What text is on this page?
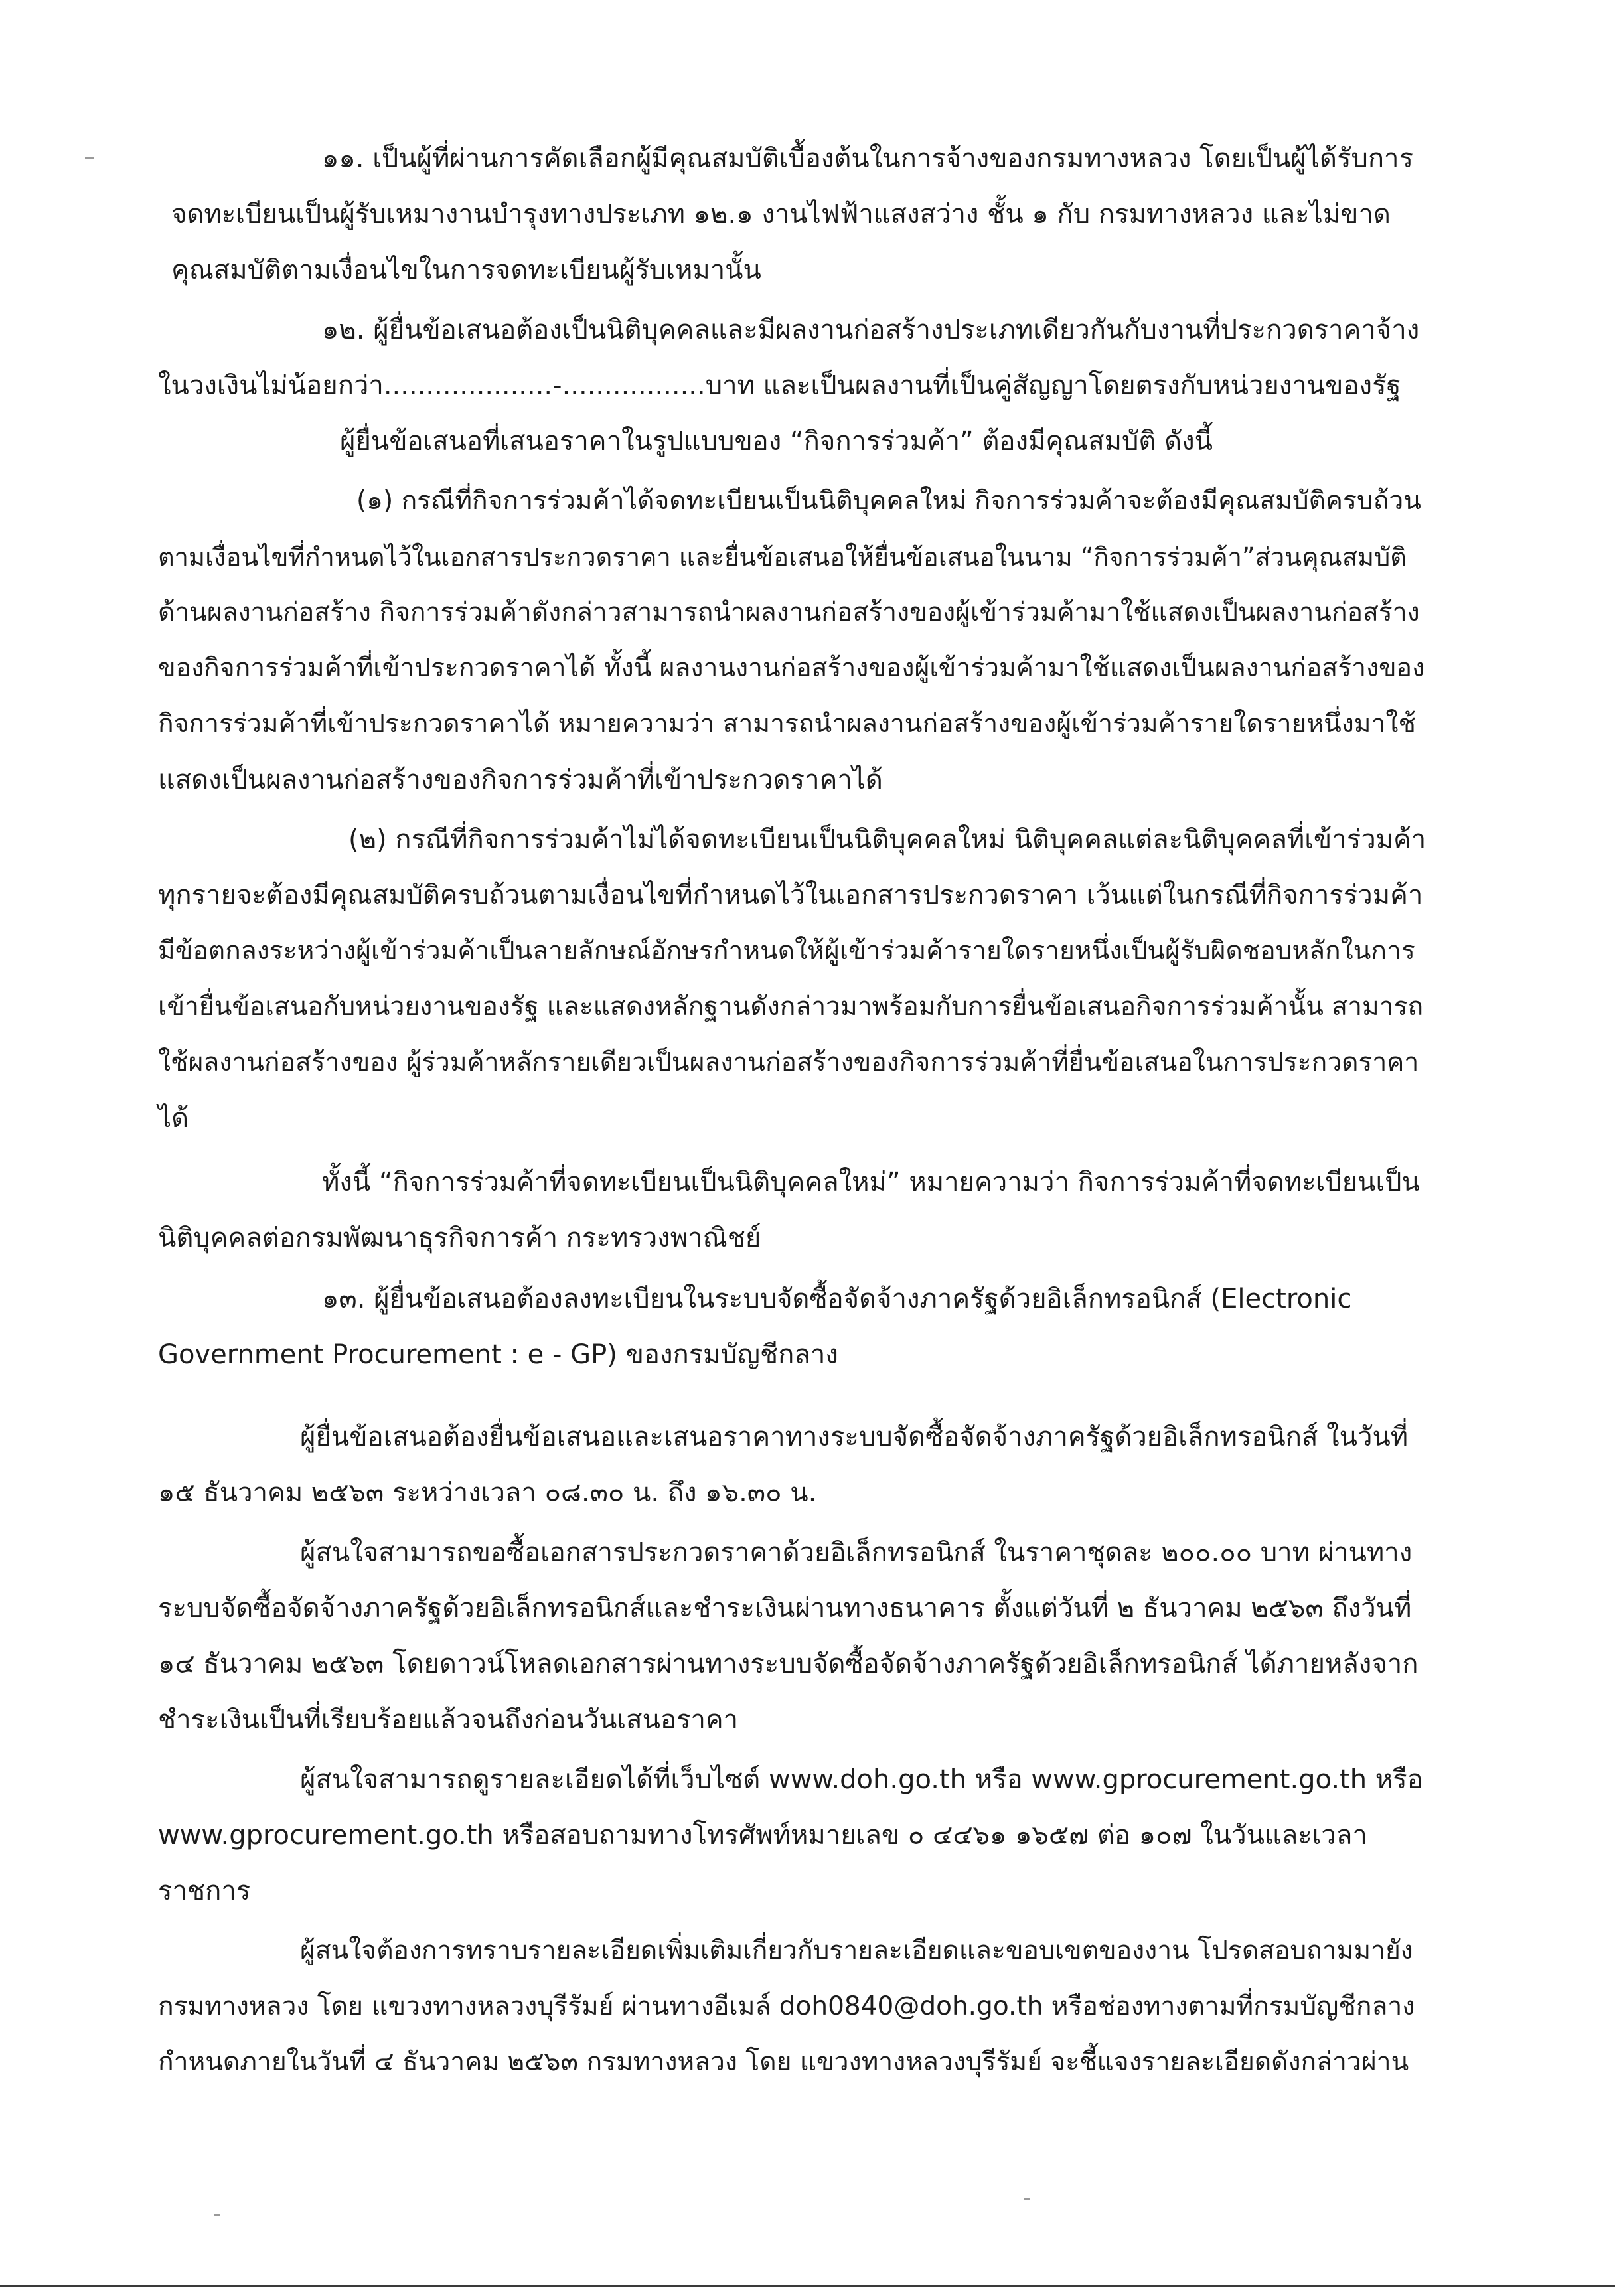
๑๑. เป็นผู้ที่ผ่านการคัดเลือกผู้มีคุณสมบัติเบื้องต้นในการจ้างของกรมทางหลวง โดยเป็นผู้ได้รับการ
จดทะเบียนเป็นผู้รับเหมางานบำรุงทางประเภท ๑๒.๑ งานไฟฟ้าแสงสว่าง ชั้น ๑ กับ กรมทางหลวง และไม่ขาด
คุณสมบัติตามเงื่อนไขในการจดทะเบียนผู้รับเหมานั้น
๑๒. ผู้ยื่นข้อเสนอต้องเป็นนิติบุคคลและมีผลงานก่อสร้างประเภทเดียวกันกับงานที่ประกวดราคาจ้าง
ในวงเงินไม่น้อยกว่า....................-.................บาท และเป็นผลงานที่เป็นคู่สัญญาโดยตรงกับหน่วยงานของรัฐ
ผู้ยื่นข้อเสนอที่เสนอราคาในรูปแบบของ “กิจการร่วมค้า” ต้องมีคุณสมบัติ ดังนี้
(๑) กรณีที่กิจการร่วมค้าได้จดทะเบียนเป็นนิติบุคคลใหม่ กิจการร่วมค้าจะต้องมีคุณสมบัติครบถ้วน
ตามเงื่อนไขที่กำหนดไว้ในเอกสารประกวดราคา และยื่นข้อเสนอให้ยื่นข้อเสนอในนาม “กิจการร่วมค้า”ส่วนคุณสมบัติ
ด้านผลงานก่อสร้าง กิจการร่วมค้าดังกล่าวสามารถนำผลงานก่อสร้างของผู้เข้าร่วมค้ามาใช้แสดงเป็นผลงานก่อสร้าง
ของกิจการร่วมค้าที่เข้าประกวดราคาได้ ทั้งนี้ ผลงานงานก่อสร้างของผู้เข้าร่วมค้ามาใช้แสดงเป็นผลงานก่อสร้างของ
กิจการร่วมค้าที่เข้าประกวดราคาได้ หมายความว่า สามารถนำผลงานก่อสร้างของผู้เข้าร่วมค้ารายใดรายหนึ่งมาใช้
แสดงเป็นผลงานก่อสร้างของกิจการร่วมค้าที่เข้าประกวดราคาได้
(๒) กรณีที่กิจการร่วมค้าไม่ได้จดทะเบียนเป็นนิติบุคคลใหม่ นิติบุคคลแต่ละนิติบุคคลที่เข้าร่วมค้า
ทุกรายจะต้องมีคุณสมบัติครบถ้วนตามเงื่อนไขที่กำหนดไว้ในเอกสารประกวดราคา เว้นแต่ในกรณีที่กิจการร่วมค้า
มีข้อตกลงระหว่างผู้เข้าร่วมค้าเป็นลายลักษณ์อักษรกำหนดให้ผู้เข้าร่วมค้ารายใดรายหนึ่งเป็นผู้รับผิดชอบหลักในการ
เข้ายื่นข้อเสนอกับหน่วยงานของรัฐ และแสดงหลักฐานดังกล่าวมาพร้อมกับการยื่นข้อเสนอกิจการร่วมค้านั้น สามารถ
ใช้ผลงานก่อสร้างของ ผู้ร่วมค้าหลักรายเดียวเป็นผลงานก่อสร้างของกิจการร่วมค้าที่ยื่นข้อเสนอในการประกวดราคา
ได้
ทั้งนี้ “กิจการร่วมค้าที่จดทะเบียนเป็นนิติบุคคลใหม่” หมายความว่า กิจการร่วมค้าที่จดทะเบียนเป็น
นิติบุคคลต่อกรมพัฒนาธุรกิจการค้า กระทรวงพาณิชย์
๑๓. ผู้ยื่นข้อเสนอต้องลงทะเบียนในระบบจัดซื้อจัดจ้างภาครัฐด้วยอิเล็กทรอนิกส์ (Electronic
Government Procurement : e - GP) ของกรมบัญชีกลาง
ผู้ยื่นข้อเสนอต้องยื่นข้อเสนอและเสนอราคาทางระบบจัดซื้อจัดจ้างภาครัฐด้วยอิเล็กทรอนิกส์ ในวันที่
๑๕ ธันวาคม ๒๕๖๓ ระหว่างเวลา ๐๘.๓๐ น. ถึง ๑๖.๓๐ น.
ผู้สนใจสามารถขอซื้อเอกสารประกวดราคาด้วยอิเล็กทรอนิกส์ ในราคาชุดละ ๒๐๐.๐๐ บาท ผ่านทาง
ระบบจัดซื้อจัดจ้างภาครัฐด้วยอิเล็กทรอนิกส์และชำระเงินผ่านทางธนาคาร ตั้งแต่วันที่ ๒ ธันวาคม ๒๕๖๓ ถึงวันที่
๑๔ ธันวาคม ๒๕๖๓ โดยดาวน์โหลดเอกสารผ่านทางระบบจัดซื้อจัดจ้างภาครัฐด้วยอิเล็กทรอนิกส์ ได้ภายหลังจาก
ชำระเงินเป็นที่เรียบร้อยแล้วจนถึงก่อนวันเสนอราคา
ผู้สนใจสามารถดูรายละเอียดได้ที่เว็บไซต์ www.doh.go.th หรือ www.gprocurement.go.th หรือ
www.gprocurement.go.th หรือสอบถามทางโทรศัพท์หมายเลข ๐ ๔๔๖๑ ๑๖๕๗ ต่อ ๑๐๗ ในวันและเวลา
ราชการ
ผู้สนใจต้องการทราบรายละเอียดเพิ่มเติมเกี่ยวกับรายละเอียดและขอบเขตของงาน โปรดสอบถามมายัง
กรมทางหลวง โดย แขวงทางหลวงบุรีรัมย์ ผ่านทางอีเมล์ doh0840@doh.go.th หรือช่องทางตามที่กรมบัญชีกลาง
กำหนดภายในวันที่ ๔ ธันวาคม ๒๕๖๓ กรมทางหลวง โดย แขวงทางหลวงบุรีรัมย์ จะชี้แจงรายละเอียดดังกล่าวผ่าน
